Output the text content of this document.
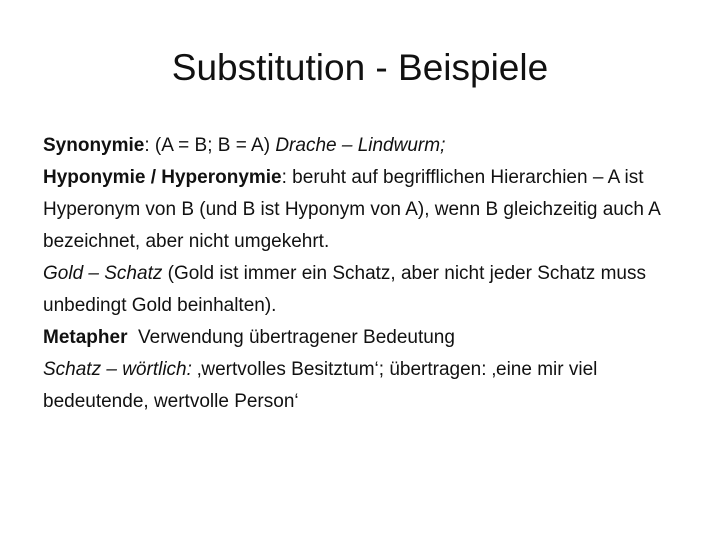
Substitution - Beispiele

Synonymie: (A = B; B = A) Drache – Lindwurm;

Hyponymie / Hyperonymie: beruht auf begrifflichen Hierarchien – A ist Hyperonym von B (und B ist Hyponym von A), wenn B gleichzeitig auch A bezeichnet, aber nicht umgekehrt.

Gold – Schatz (Gold ist immer ein Schatz, aber nicht jeder Schatz muss unbedingt Gold beinhalten).

Metapher  Verwendung übertragener Bedeutung

Schatz – wörtlich: ‚wertvolles Besitztum‘; übertragen: ‚eine mir viel bedeutende, wertvolle Person‘
